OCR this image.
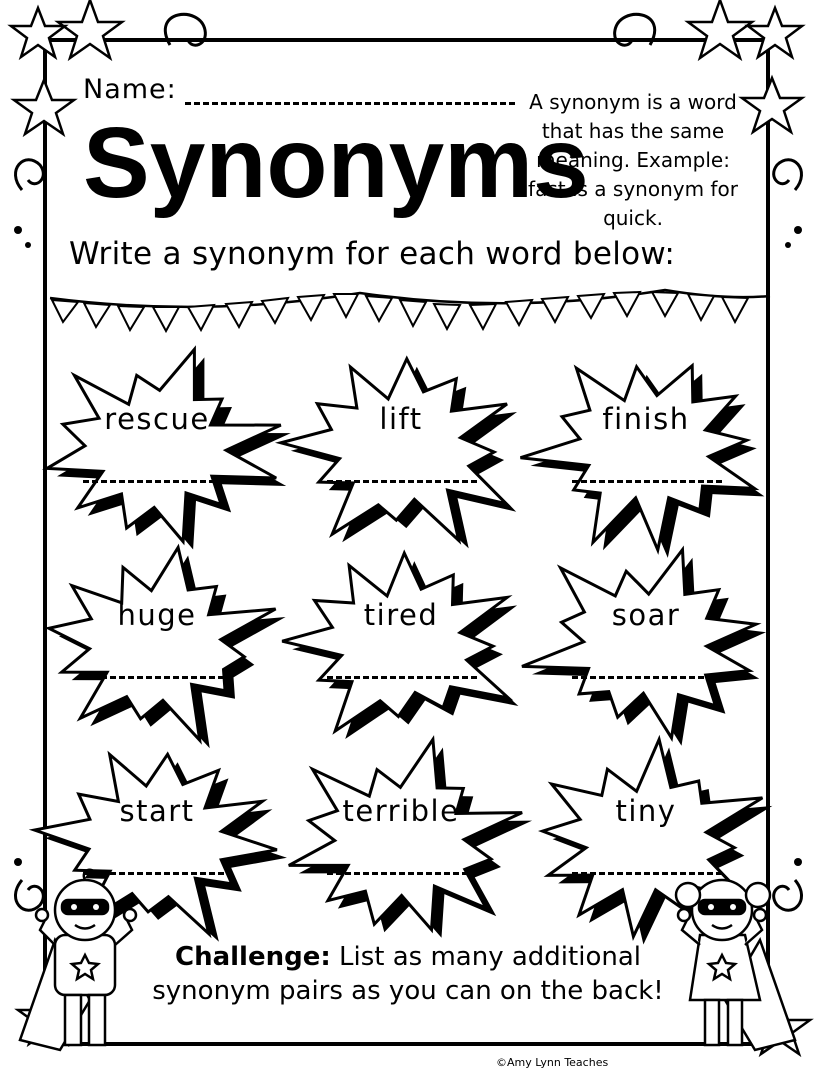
Name:
Synonyms
A synonym is a word that has the same meaning. Example: fast is a synonym for quick.
Write a synonym for each word below:
rescue	lift	finish
huge	tired	soar
start	terrible	tiny
Challenge: List as many additional synonym pairs as you can on the back!
©Amy Lynn Teaches
